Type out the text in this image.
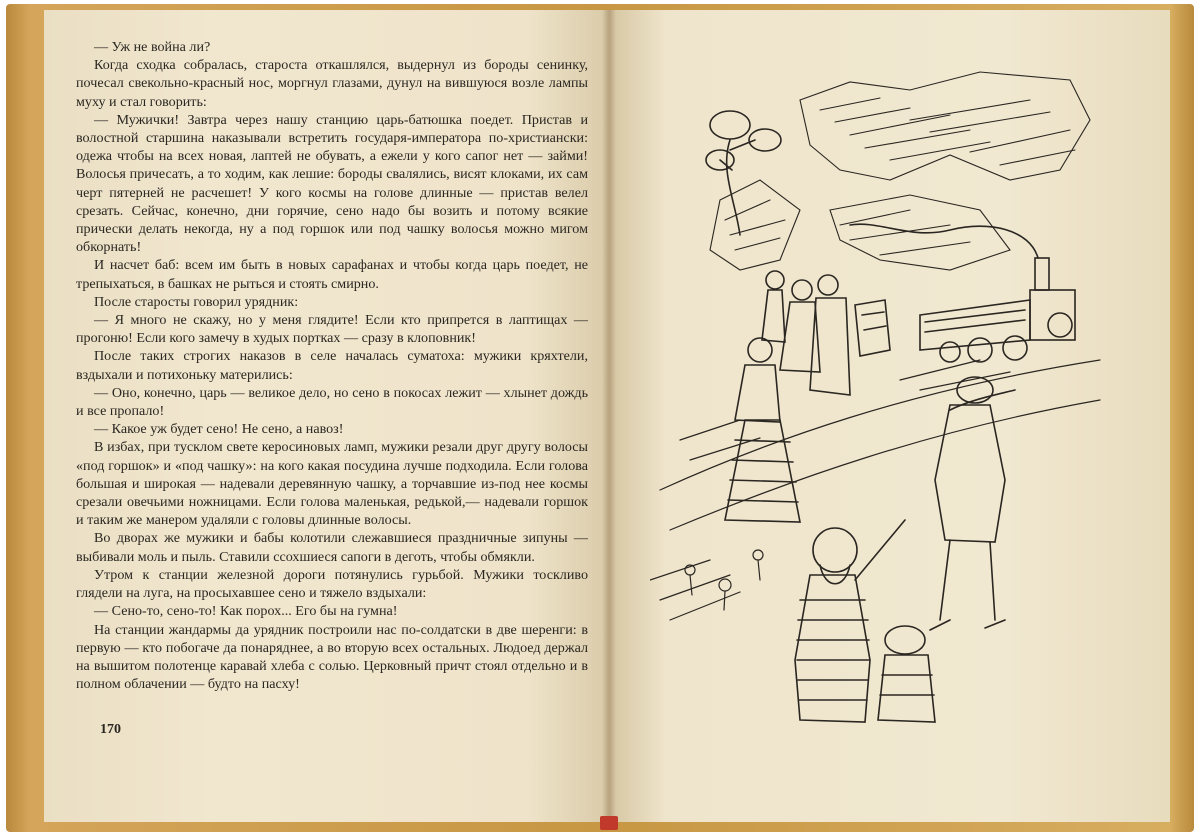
— Уж не война ли?

Когда сходка собралась, староста откашлялся, выдернул из бороды сенинку, почесал свекольно-красный нос, моргнул глазами, дунул на вившуюся возле лампы муху и стал говорить:

— Мужички! Завтра через нашу станцию царь-батюшка поедет. Пристав и волостной старшина наказывали встретить государя-императора по-христиански: одежа чтобы на всех новая, лаптей не обувать, а ежели у кого сапог нет — займи! Волосья причесать, а то ходим, как лешие: бороды свалялись, висят клоками, их сам черт пятерней не расчешет! У кого космы на голове длинные — пристав велел срезать. Сейчас, конечно, дни горячие, сено надо бы возить и потому всякие прически делать некогда, ну а под горшок или под чашку волосья можно мигом обкорнать!

И насчет баб: всем им быть в новых сарафанах и чтобы когда царь поедет, не трепыхаться, в башках не рыться и стоять смирно.

После старосты говорил урядник:

— Я много не скажу, но у меня глядите! Если кто припрется в лаптищах — прогоню! Если кого замечу в худых портках — сразу в клоповник!

После таких строгих наказов в селе началась суматоха: мужики кряхтели, вздыхали и потихоньку матерились:

— Оно, конечно, царь — великое дело, но сено в покосах лежит — хлынет дождь и все пропало!

— Какое уж будет сено! Не сено, а навоз!

В избах, при тусклом свете керосиновых ламп, мужики резали друг другу волосы «под горшок» и «под чашку»: на кого какая посудина лучше подходила. Если голова большая и широкая — надевали деревянную чашку, а торчавшие из-под нее космы срезали овечьими ножницами. Если голова маленькая, редькой,— надевали горшок и таким же манером удаляли с головы длинные волосы.

Во дворах же мужики и бабы колотили слежавшиеся праздничные зипуны — выбивали моль и пыль. Ставили ссохшиеся сапоги в деготь, чтобы обмякли.

Утром к станции железной дороги потянулись гурьбой. Мужики тоскливо глядели на луга, на просыхавшее сено и тяжело вздыхали:

— Сено-то, сено-то! Как порох... Его бы на гумна!

На станции жандармы да урядник построили нас по-солдатски в две шеренги: в первую — кто побогаче да понаряднее, а во вторую всех остальных. Людоед держал на вышитом полотенце каравай хлеба с солью. Церковный причт стоял отдельно и в полном облачении — будто на пасху!

170
